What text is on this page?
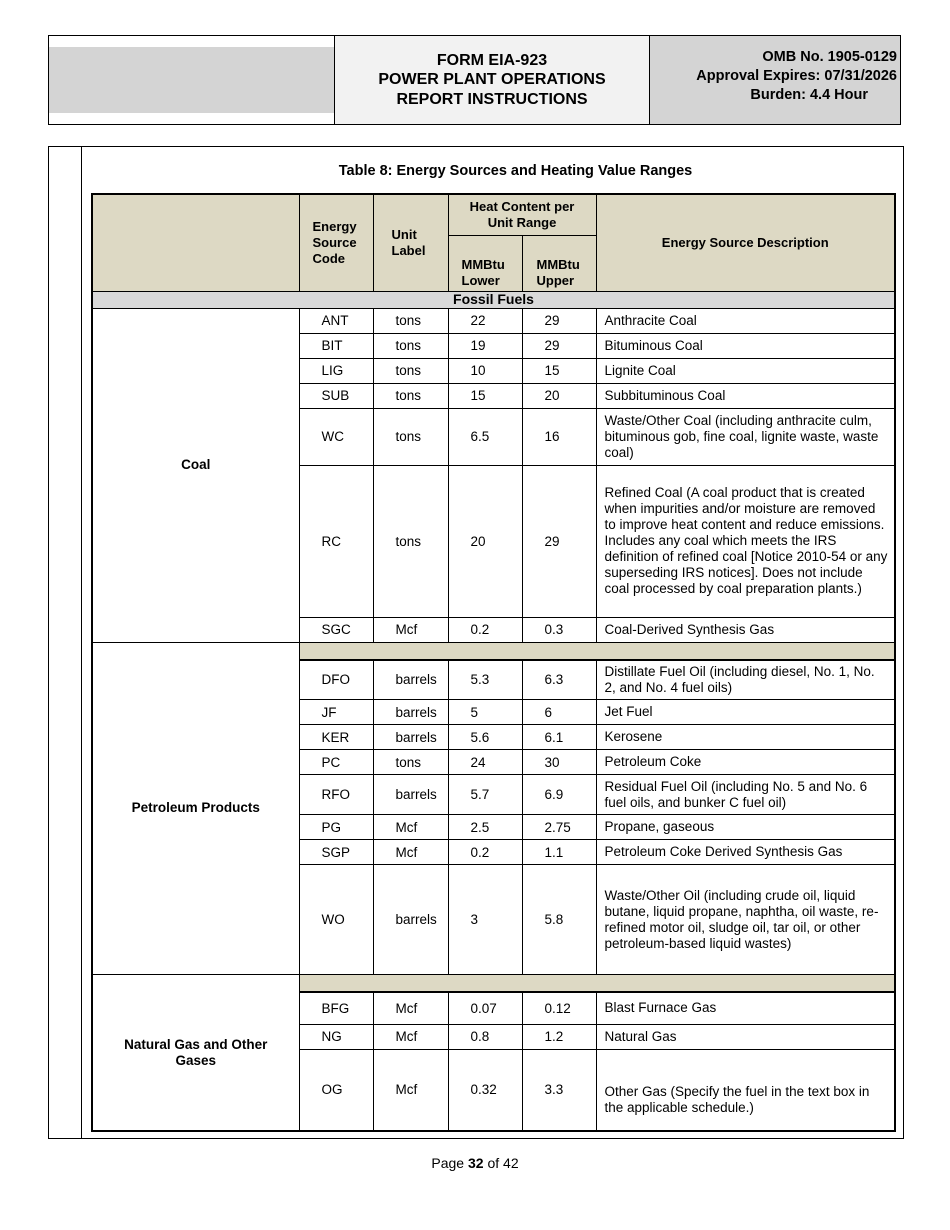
FORM EIA-923
POWER PLANT OPERATIONS
REPORT INSTRUCTIONS
OMB No. 1905-0129
Approval Expires: 07/31/2026
Burden: 4.4 Hour
Table 8: Energy Sources and Heating Value Ranges

	Energy Source Code	Unit Label	Heat Content per Unit Range		Energy Source Description

			MMBtu Lower	MMBtu Upper	

Fossil Fuels					
Coal	ANT	tons	22	29	Anthracite Coal
	BIT	tons	19	29	Bituminous Coal
	LIG	tons	10	15	Lignite Coal
	SUB	tons	15	20	Subbituminous Coal
	WC	tons	6.5	16	Waste/Other Coal (including anthracite culm, bituminous gob, fine coal, lignite waste, waste coal)
	RC	tons	20	29	Refined Coal (A coal product that is created when impurities and/or moisture are removed to improve heat content and reduce emissions. Includes any coal which meets the IRS definition of refined coal [Notice 2010-54 or any superseding IRS notices]. Does not include coal processed by coal preparation plants.)
	SGC	Mcf	0.2	0.3	Coal-Derived Synthesis Gas
Petroleum Products					
	DFO	barrels	5.3	6.3	Distillate Fuel Oil (including diesel, No. 1, No. 2, and No. 4 fuel oils)
	JF	barrels	5	6	Jet Fuel
	KER	barrels	5.6	6.1	Kerosene
	PC	tons	24	30	Petroleum Coke
	RFO	barrels	5.7	6.9	Residual Fuel Oil (including No. 5 and No. 6 fuel oils, and bunker C fuel oil)
	PG	Mcf	2.5	2.75	Propane, gaseous
	SGP	Mcf	0.2	1.1	Petroleum Coke Derived Synthesis Gas
	WO	barrels	3	5.8	Waste/Other Oil (including crude oil, liquid butane, liquid propane, naphtha, oil waste, re-refined motor oil, sludge oil, tar oil, or other petroleum-based liquid wastes)
Natural Gas and Other Gases					
	BFG	Mcf	0.07	0.12	Blast Furnace Gas
	NG	Mcf	0.8	1.2	Natural Gas
	OG	Mcf	0.32	3.3	Other Gas (Specify the fuel in the text box in the applicable schedule.)
Page 32 of 42
